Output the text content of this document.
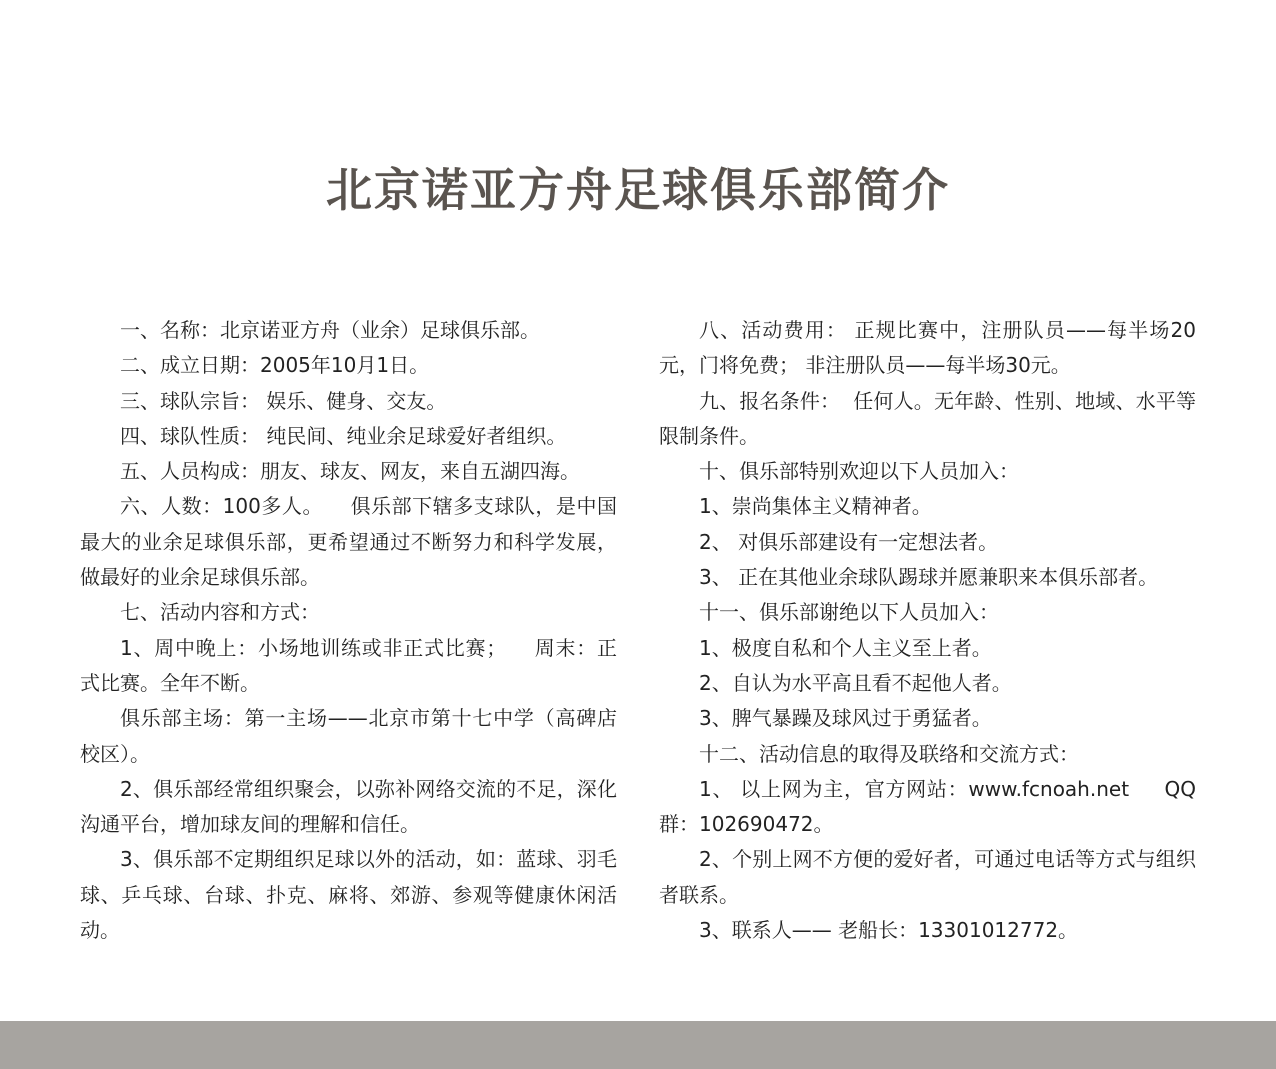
北京诺亚方舟足球俱乐部简介

一、名称：北京诺亚方舟（业余）足球俱乐部。

二、成立日期：2005年10月1日。

三、球队宗旨： 娱乐、健身、交友。

四、球队性质： 纯民间、纯业余足球爱好者组织。

五、人员构成：朋友、球友、网友，来自五湖四海。

六、人数：100多人。    俱乐部下辖多支球队，是中国最大的业余足球俱乐部，更希望通过不断努力和科学发展，做最好的业余足球俱乐部。

七、活动内容和方式：

1、周中晚上：小场地训练或非正式比赛；    周末：正式比赛。全年不断。

俱乐部主场：第一主场——北京市第十七中学（高碑店校区）。

2、俱乐部经常组织聚会，以弥补网络交流的不足，深化沟通平台，增加球友间的理解和信任。

3、俱乐部不定期组织足球以外的活动，如：蓝球、羽毛球、乒乓球、台球、扑克、麻将、郊游、参观等健康休闲活动。

八、活动费用： 正规比赛中，注册队员——每半场20元，门将免费； 非注册队员——每半场30元。

九、报名条件：  任何人。无年龄、性别、地域、水平等限制条件。

十、俱乐部特别欢迎以下人员加入：

1、崇尚集体主义精神者。

2、 对俱乐部建设有一定想法者。

3、 正在其他业余球队踢球并愿兼职来本俱乐部者。

十一、俱乐部谢绝以下人员加入：

1、极度自私和个人主义至上者。

2、自认为水平高且看不起他人者。

3、脾气暴躁及球风过于勇猛者。

十二、活动信息的取得及联络和交流方式：

1、 以上网为主，官方网站：www.fcnoah.net     QQ群：102690472。

2、个别上网不方便的爱好者，可通过电话等方式与组织者联系。

3、联系人—— 老船长：13301012772。
